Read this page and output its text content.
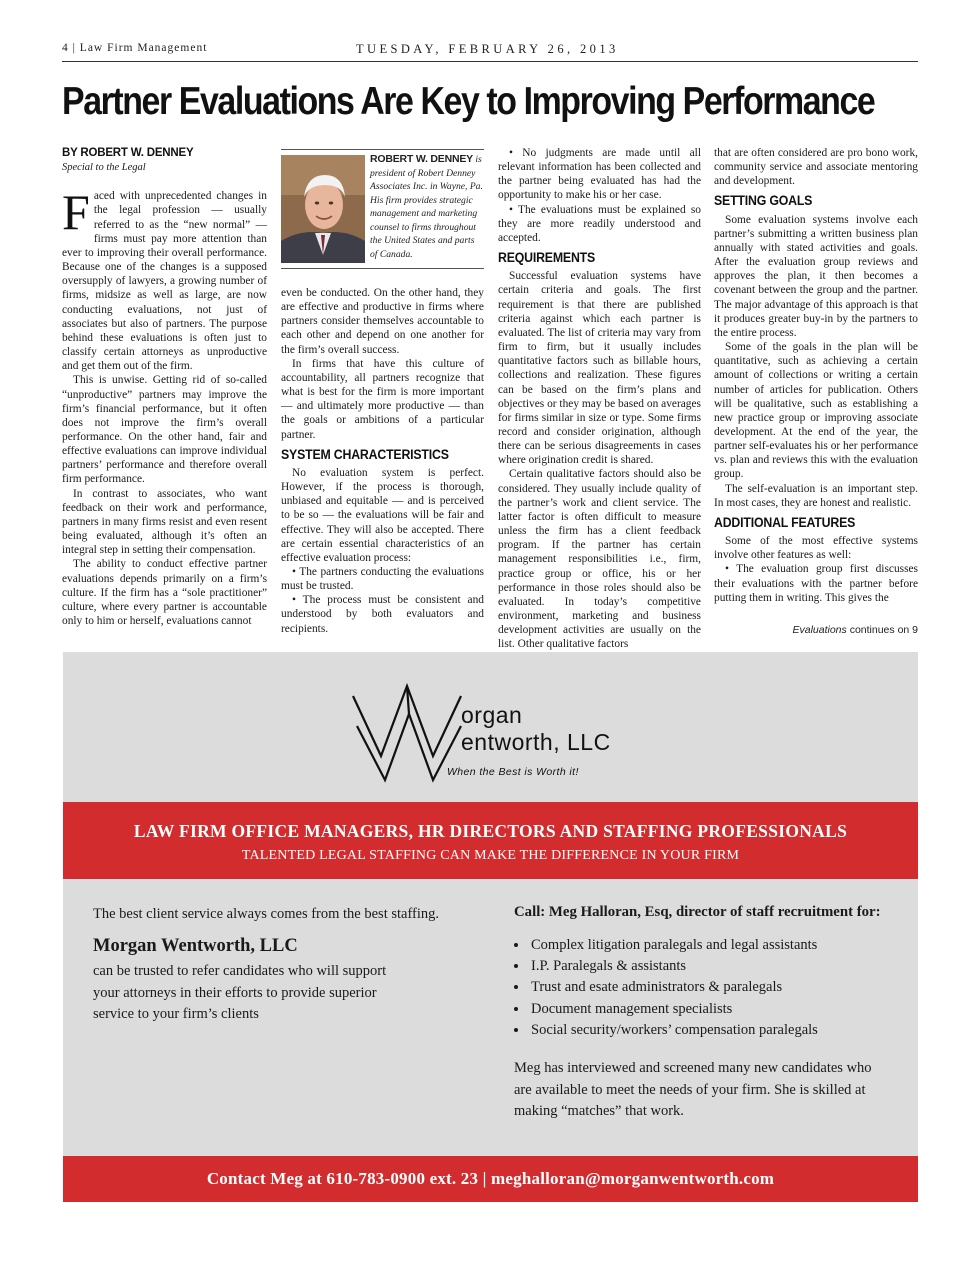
4 | Law Firm Management	TUESDAY, FEBRUARY 26, 2013
Partner Evaluations Are Key to Improving Performance
BY ROBERT W. DENNEY
Special to the Legal

Faced with unprecedented changes in the legal profession — usually referred to as the “new normal” — firms must pay more attention than ever to improving their overall performance. Because one of the changes is a supposed oversupply of lawyers, a growing number of firms, midsize as well as large, are now conducting evaluations, not just of associates but also of partners. The purpose behind these evaluations is often just to classify certain attorneys as unproductive and get them out of the firm.

This is unwise. Getting rid of so-called “unproductive” partners may improve the firm’s financial performance, but it often does not improve the firm’s overall performance. On the other hand, fair and effective evaluations can improve individual partners’ performance and therefore overall firm performance.

In contrast to associates, who want feedback on their work and performance, partners in many firms resist and even resent being evaluated, although it’s often an integral step in setting their compensation.

The ability to conduct effective partner evaluations depends primarily on a firm’s culture. If the firm has a “sole practitioner” culture, where every partner is accountable only to him or herself, evaluations cannot

ROBERT W. DENNEY is president of Robert Denney Associates Inc. in Wayne, Pa. His firm provides strategic management and marketing counsel to firms throughout the United States and parts of Canada.

even be conducted. On the other hand, they are effective and productive in firms where partners consider themselves accountable to each other and depend on one another for the firm’s overall success.

In firms that have this culture of accountability, all partners recognize that what is best for the firm is more important — and ultimately more productive — than the goals or ambitions of a particular partner.

SYSTEM CHARACTERISTICS

No evaluation system is perfect. However, if the process is thorough, unbiased and equitable — and is perceived to be so — the evaluations will be fair and effective. They will also be accepted. There are certain essential characteristics of an effective evaluation process:

• The partners conducting the evaluations must be trusted.

• The process must be consistent and understood by both evaluators and recipients.

• No judgments are made until all relevant information has been collected and the partner being evaluated has had the opportunity to make his or her case.

• The evaluations must be explained so they are more readily understood and accepted.

REQUIREMENTS

Successful evaluation systems have certain criteria and goals. The first requirement is that there are published criteria against which each partner is evaluated. The list of criteria may vary from firm to firm, but it usually includes quantitative factors such as billable hours, collections and realization. These figures can be based on the firm’s plans and objectives or they may be based on averages for firms similar in size or type. Some firms record and consider origination, although there can be serious disagreements in cases where origination credit is shared.

Certain qualitative factors should also be considered. They usually include quality of the partner’s work and client service. The latter factor is often difficult to measure unless the firm has a client feedback program. If the partner has certain management responsibilities i.e., firm, practice group or office, his or her performance in those roles should also be evaluated. In today’s competitive environment, marketing and business development activities are usually on the list. Other qualitative factors

that are often considered are pro bono work, community service and associate mentoring and development.

SETTING GOALS

Some evaluation systems involve each partner’s submitting a written business plan annually with stated activities and goals. After the evaluation group reviews and approves the plan, it then becomes a covenant between the group and the partner. The major advantage of this approach is that it produces greater buy-in by the partners to the entire process.

Some of the goals in the plan will be quantitative, such as achieving a certain amount of collections or writing a certain number of articles for publication. Others will be qualitative, such as establishing a new practice group or improving associate development. At the end of the year, the partner self-evaluates his or her performance vs. plan and reviews this with the evaluation group.

The self-evaluation is an important step. In most cases, they are honest and realistic.

ADDITIONAL FEATURES

Some of the most effective systems involve other features as well:

• The evaluation group first discusses their evaluations with the partner before putting them in writing. This gives the

Evaluations continues on 9
organ
entworth, LLC
When the Best is Worth it!
LAW FIRM OFFICE MANAGERS, HR DIRECTORS AND STAFFING PROFESSIONALS
TALENTED LEGAL STAFFING CAN MAKE THE DIFFERENCE IN YOUR FIRM
The best client service always comes from the best staffing.
Morgan Wentworth, LLC
can be trusted to refer candidates who will support your attorneys in their efforts to provide superior service to your firm’s clients
Call: Meg Halloran, Esq, director of staff recruitment for:
• Complex litigation paralegals and legal assistants
• I.P. Paralegals & assistants
• Trust and esate administrators & paralegals
• Document management specialists
• Social security/workers’ compensation paralegals
Meg has interviewed and screened many new candidates who are available to meet the needs of your firm. She is skilled at making “matches” that work.
Contact Meg at 610-783-0900 ext. 23 | meghalloran@morganwentworth.com
